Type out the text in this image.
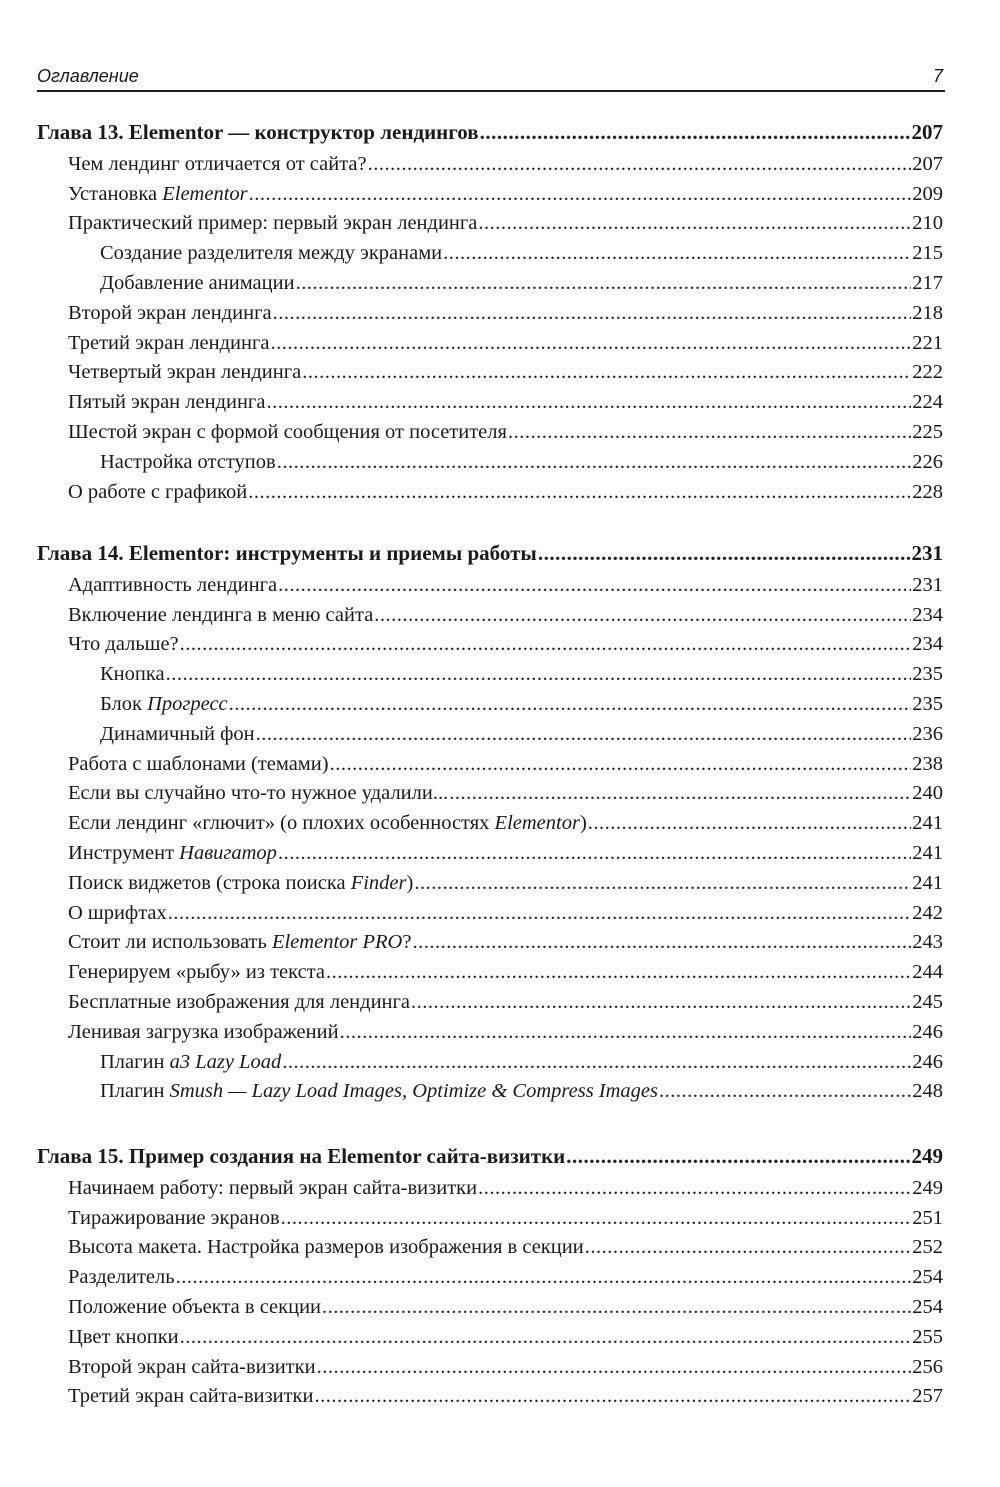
Оглавление	7
Глава 13. Elementor — конструктор лендингов .....	207
Чем лендинг отличается от сайта? .....	207
Установка Elementor .....	209
Практический пример: первый экран лендинга .....	210
Создание разделителя между экранами .....	215
Добавление анимации .....	217
Второй экран лендинга .....	218
Третий экран лендинга .....	221
Четвертый экран лендинга .....	222
Пятый экран лендинга .....	224
Шестой экран с формой сообщения от посетителя .....	225
Настройка отступов .....	226
О работе с графикой .....	228
Глава 14. Elementor: инструменты и приемы работы .....	231
Адаптивность лендинга .....	231
Включение лендинга в меню сайта .....	234
Что дальше? .....	234
Кнопка .....	235
Блок Прогресс .....	235
Динамичный фон .....	236
Работа с шаблонами (темами) .....	238
Если вы случайно что-то нужное удалили... .....	240
Если лендинг «глючит» (о плохих особенностях Elementor) .....	241
Инструмент Навигатор .....	241
Поиск виджетов (строка поиска Finder) .....	241
О шрифтах .....	242
Стоит ли использовать Elementor PRO? .....	243
Генерируем «рыбу» из текста .....	244
Бесплатные изображения для лендинга .....	245
Ленивая загрузка изображений .....	246
Плагин a3 Lazy Load .....	246
Плагин Smush — Lazy Load Images, Optimize & Compress Images .....	248
Глава 15. Пример создания на Elementor сайта-визитки .....	249
Начинаем работу: первый экран сайта-визитки .....	249
Тиражирование экранов .....	251
Высота макета. Настройка размеров изображения в секции .....	252
Разделитель .....	254
Положение объекта в секции .....	254
Цвет кнопки .....	255
Второй экран сайта-визитки .....	256
Третий экран сайта-визитки .....	257
